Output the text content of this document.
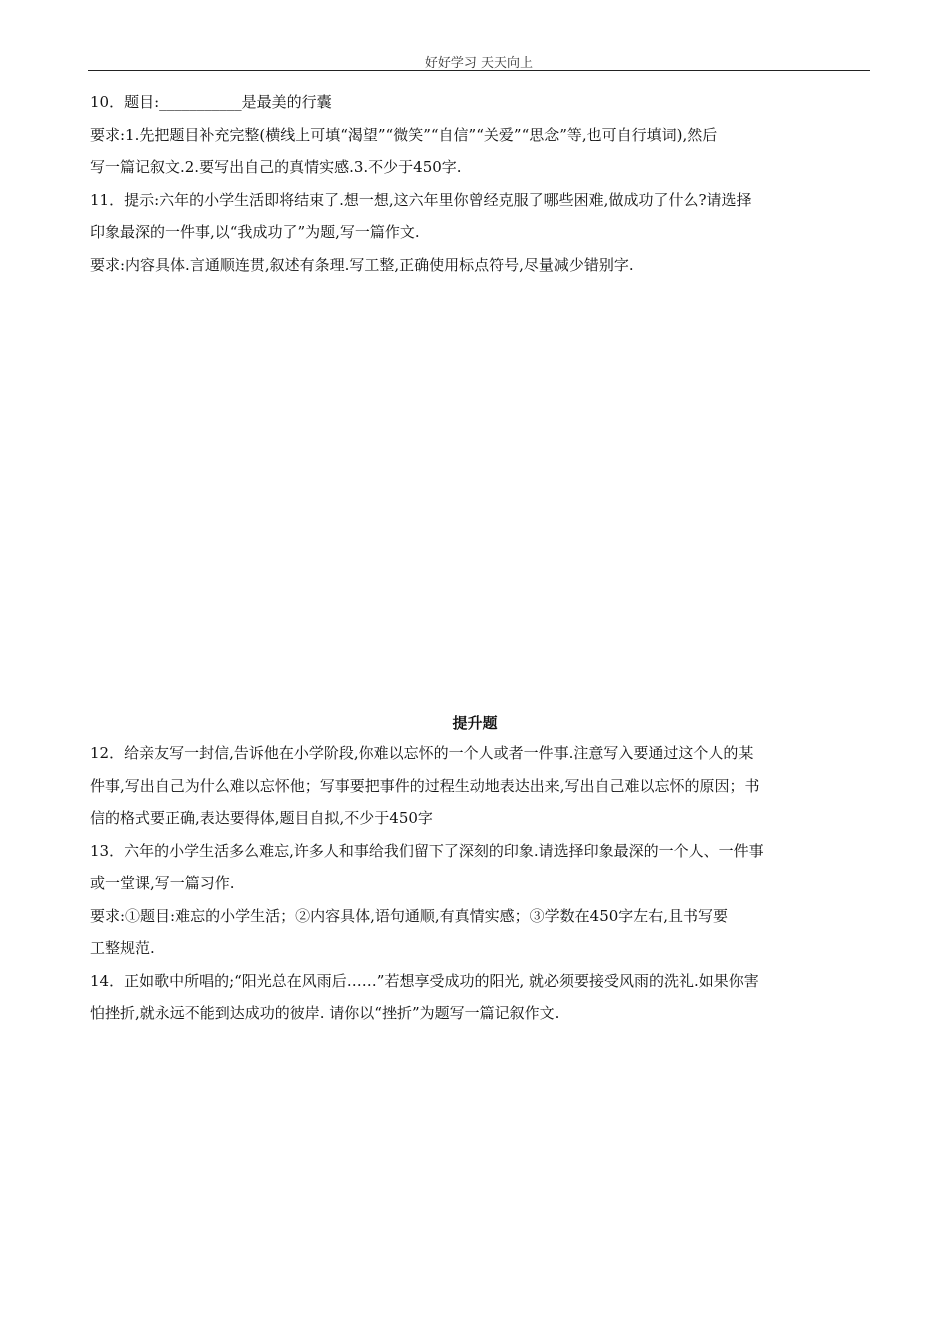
好好学习 天天向上
10．题目:___________是最美的行囊
要求:1.先把题目补充完整(横线上可填“渴望”“微笑”“自信”“关爱”“思念”等,也可自行填词),然后
写一篇记叙文.2.要写出自己的真情实感.3.不少于450字.
11．提示:六年的小学生活即将结束了.想一想,这六年里你曾经克服了哪些困难,做成功了什么?请选择
印象最深的一件事,以“我成功了”为题,写一篇作文.
要求:内容具体.言通顺连贯,叙述有条理.写工整,正确使用标点符号,尽量减少错别字.
提升题
12．给亲友写一封信,告诉他在小学阶段,你难以忘怀的一个人或者一件事.注意写入要通过这个人的某
件事,写出自己为什么难以忘怀他；写事要把事件的过程生动地表达出来,写出自己难以忘怀的原因；书
信的格式要正确,表达要得体,题目自拟,不少于450字
13．六年的小学生活多么难忘,许多人和事给我们留下了深刻的印象.请选择印象最深的一个人、一件事
或一堂课,写一篇习作.
要求:①题目:难忘的小学生活；②内容具体,语句通顺,有真情实感；③学数在450字左右,且书写要
工整规范.
14．正如歌中所唱的;“阳光总在风雨后……”若想享受成功的阳光, 就必须要接受风雨的洗礼.如果你害
怕挫折,就永远不能到达成功的彼岸. 请你以“挫折”为题写一篇记叙作文.
